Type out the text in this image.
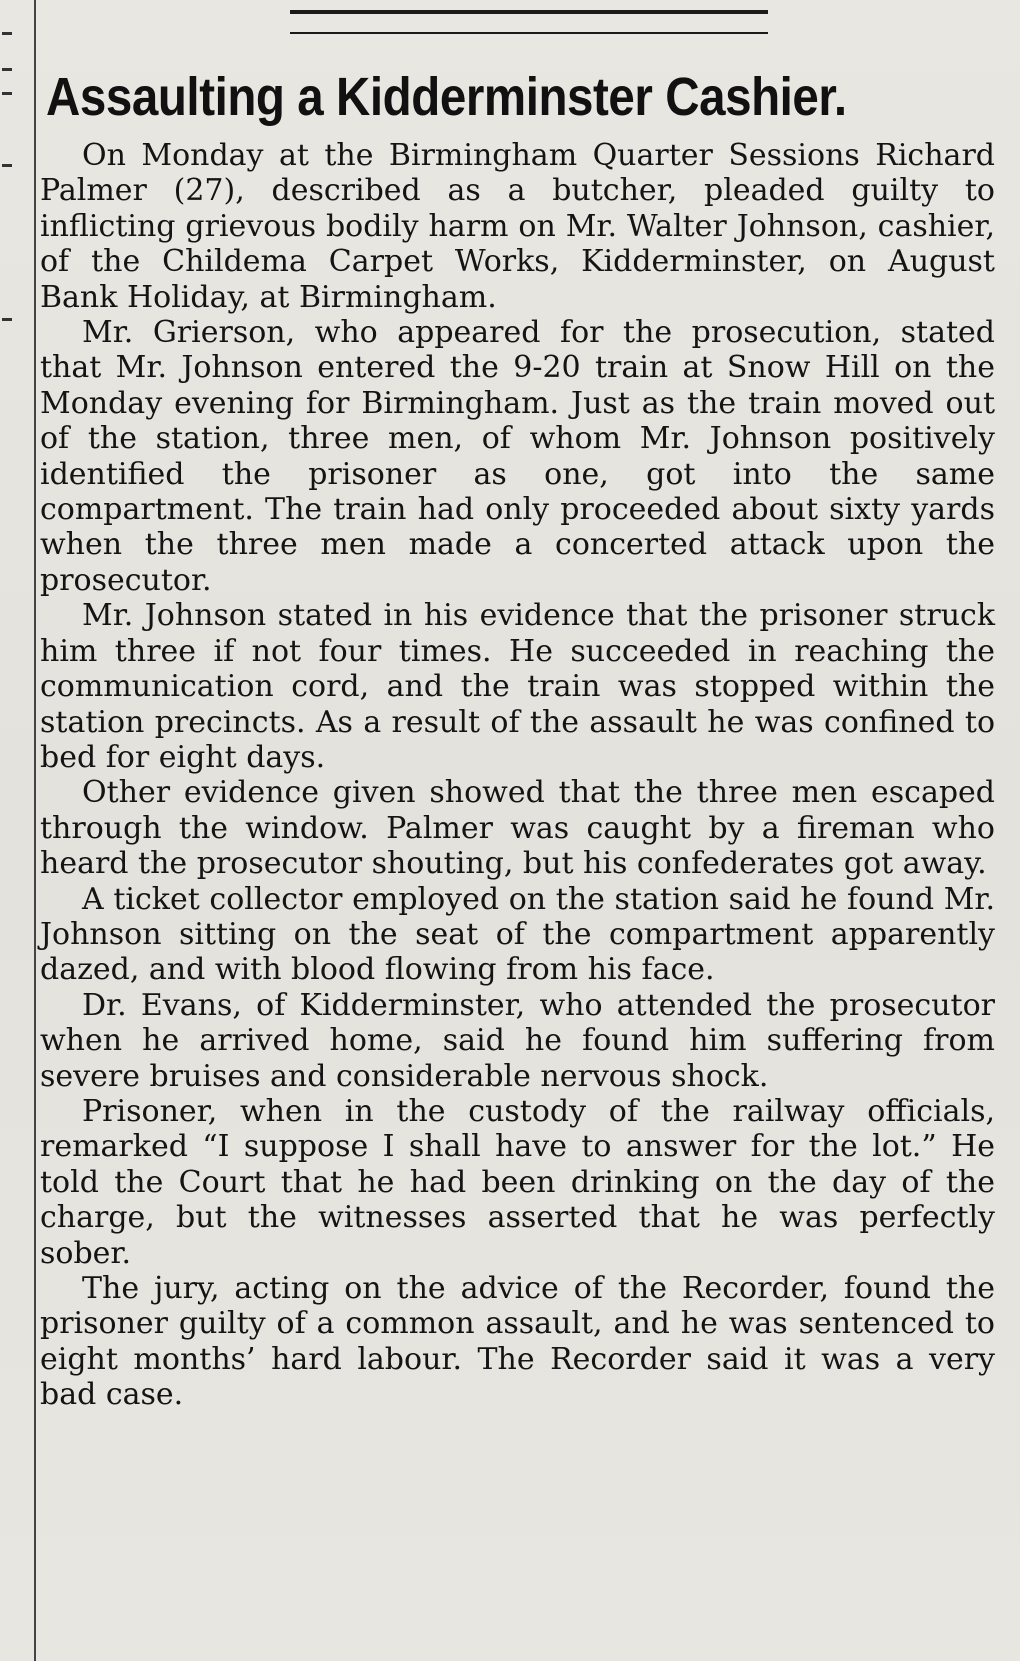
Assaulting a Kidderminster Cashier.

On Monday at the Birmingham Quarter Sessions Richard Palmer (27), described as a butcher, pleaded guilty to inflicting grievous bodily harm on Mr. Walter Johnson, cashier, of the Childema Carpet Works, Kidderminster, on August Bank Holiday, at Birmingham.

Mr. Grierson, who appeared for the prosecution, stated that Mr. Johnson entered the 9-20 train at Snow Hill on the Monday evening for Birmingham. Just as the train moved out of the station, three men, of whom Mr. Johnson positively identified the prisoner as one, got into the same compartment. The train had only proceeded about sixty yards when the three men made a concerted attack upon the prosecutor.

Mr. Johnson stated in his evidence that the prisoner struck him three if not four times. He succeeded in reaching the communication cord, and the train was stopped within the station precincts. As a result of the assault he was confined to bed for eight days.

Other evidence given showed that the three men escaped through the window. Palmer was caught by a fireman who heard the prosecutor shouting, but his confederates got away.

A ticket collector employed on the station said he found Mr. Johnson sitting on the seat of the compartment apparently dazed, and with blood flowing from his face.

Dr. Evans, of Kidderminster, who attended the prosecutor when he arrived home, said he found him suffering from severe bruises and considerable nervous shock.

Prisoner, when in the custody of the railway officials, remarked “I suppose I shall have to answer for the lot.” He told the Court that he had been drinking on the day of the charge, but the witnesses asserted that he was perfectly sober.

The jury, acting on the advice of the Recorder, found the prisoner guilty of a common assault, and he was sentenced to eight months’ hard labour. The Recorder said it was a very bad case.
